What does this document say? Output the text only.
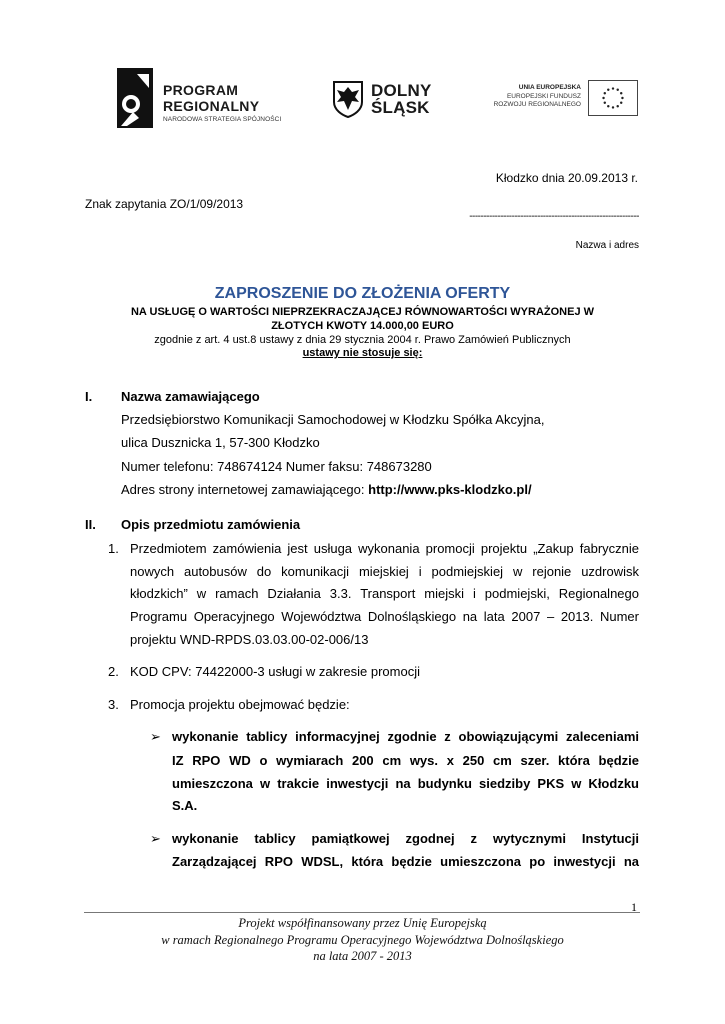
PROGRAM
REGIONALNY
NARODOWA STRATEGIA SPÓJNOŚCI
DOLNY
ŚLĄSK
UNIA EUROPEJSKA
EUROPEJSKI FUNDUSZ
ROZWOJU REGIONALNEGO
Kłodzko dnia 20.09.2013 r.
Znak zapytania ZO/1/09/2013
------------------------------------------------------------
Nazwa i adres
ZAPROSZENIE DO ZŁOŻENIA OFERTY
NA USŁUGĘ O WARTOŚCI NIEPRZEKRACZAJĄCEJ RÓWNOWARTOŚCI WYRAŻONEJ W
ZŁOTYCH KWOTY 14.000,00 EURO
zgodnie z art. 4 ust.8 ustawy z dnia 29 stycznia 2004 r. Prawo Zamówień Publicznych
ustawy nie stosuje się:
I. Nazwa zamawiającego
Przedsiębiorstwo Komunikacji Samochodowej w Kłodzku Spółka Akcyjna,
ulica Dusznicka 1, 57-300 Kłodzko
Numer telefonu: 748674124 Numer faksu: 748673280
Adres strony internetowej zamawiającego: http://www.pks-klodzko.pl/
II. Opis przedmiotu zamówienia
1. Przedmiotem zamówienia jest usługa wykonania promocji projektu „Zakup fabrycznie
nowych autobusów do komunikacji miejskiej i podmiejskiej w rejonie uzdrowisk
kłodzkich” w ramach Działania 3.3. Transport miejski i podmiejski, Regionalnego
Programu Operacyjnego Województwa Dolnośląskiego na lata 2007 – 2013. Numer
projektu WND-RPDS.03.03.00-02-006/13
2. KOD CPV: 74422000-3 usługi w zakresie promocji
3. Promocja projektu obejmować będzie:
➢ wykonanie tablicy informacyjnej zgodnie z obowiązującymi zaleceniami
IZ RPO WD o wymiarach 200 cm wys. x 250 cm szer. która będzie
umieszczona w trakcie inwestycji na budynku siedziby PKS w Kłodzku
S.A.
➢ wykonanie tablicy pamiątkowej zgodnej z wytycznymi Instytucji
Zarządzającej RPO WDSL, która będzie umieszczona po inwestycji na
1
Projekt współfinansowany przez Unię Europejską
w ramach Regionalnego Programu Operacyjnego Województwa Dolnośląskiego
na lata 2007 - 2013
